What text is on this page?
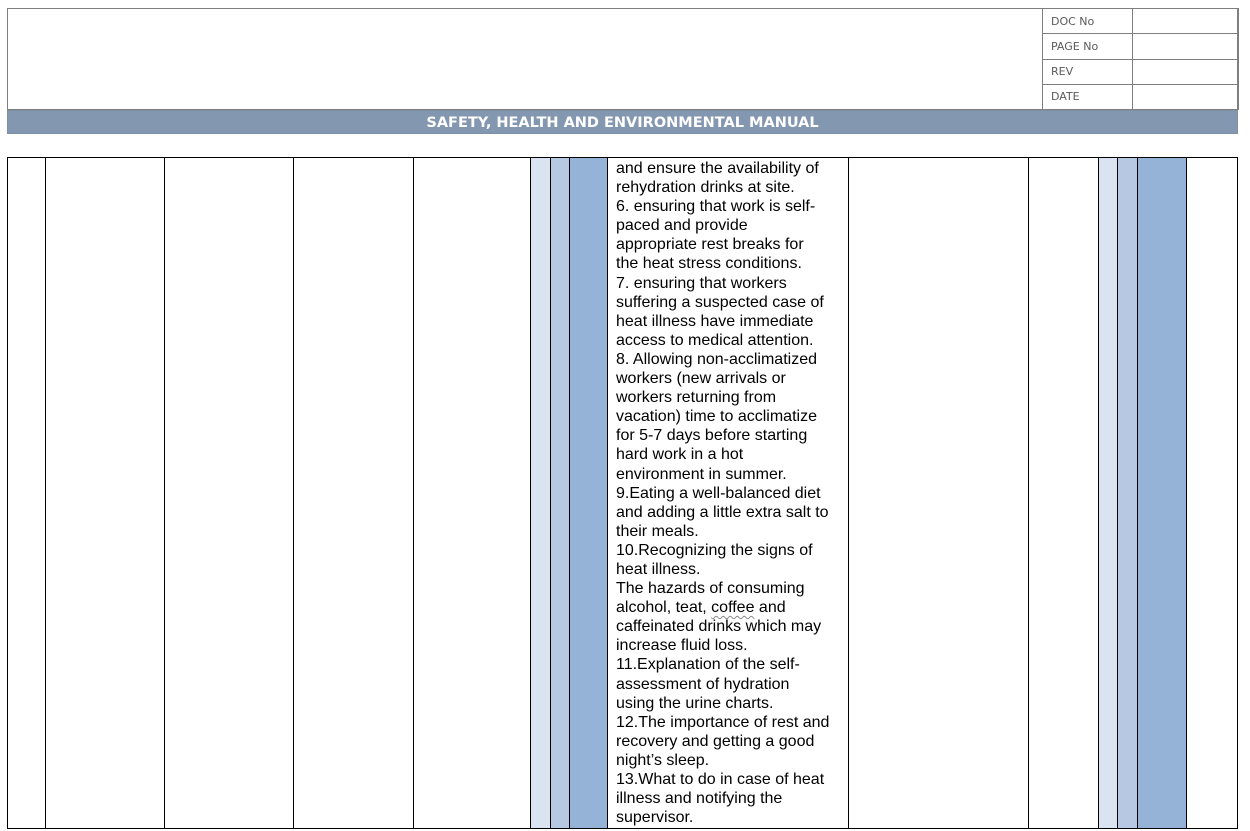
DOC No	
PAGE No	
REV	
DATE	
SAFETY, HEALTH AND ENVIRONMENTAL MANUAL
and ensure the availability of
rehydration drinks at site.
6. ensuring that work is self-
paced and provide
appropriate rest breaks for
the heat stress conditions.
7. ensuring that workers
suffering a suspected case of
heat illness have immediate
access to medical attention.
8. Allowing non-acclimatized
workers (new arrivals or
workers returning from
vacation) time to acclimatize
for 5-7 days before starting
hard work in a hot
environment in summer.
9.Eating a well-balanced diet
and adding a little extra salt to
their meals.
10.Recognizing the signs of
heat illness.
The hazards of consuming
alcohol, teat, coffee and
caffeinated drinks which may
increase fluid loss.
11.Explanation of the self-
assessment of hydration
using the urine charts.
12.The importance of rest and
recovery and getting a good
night’s sleep.
13.What to do in case of heat
illness and notifying the
supervisor.
